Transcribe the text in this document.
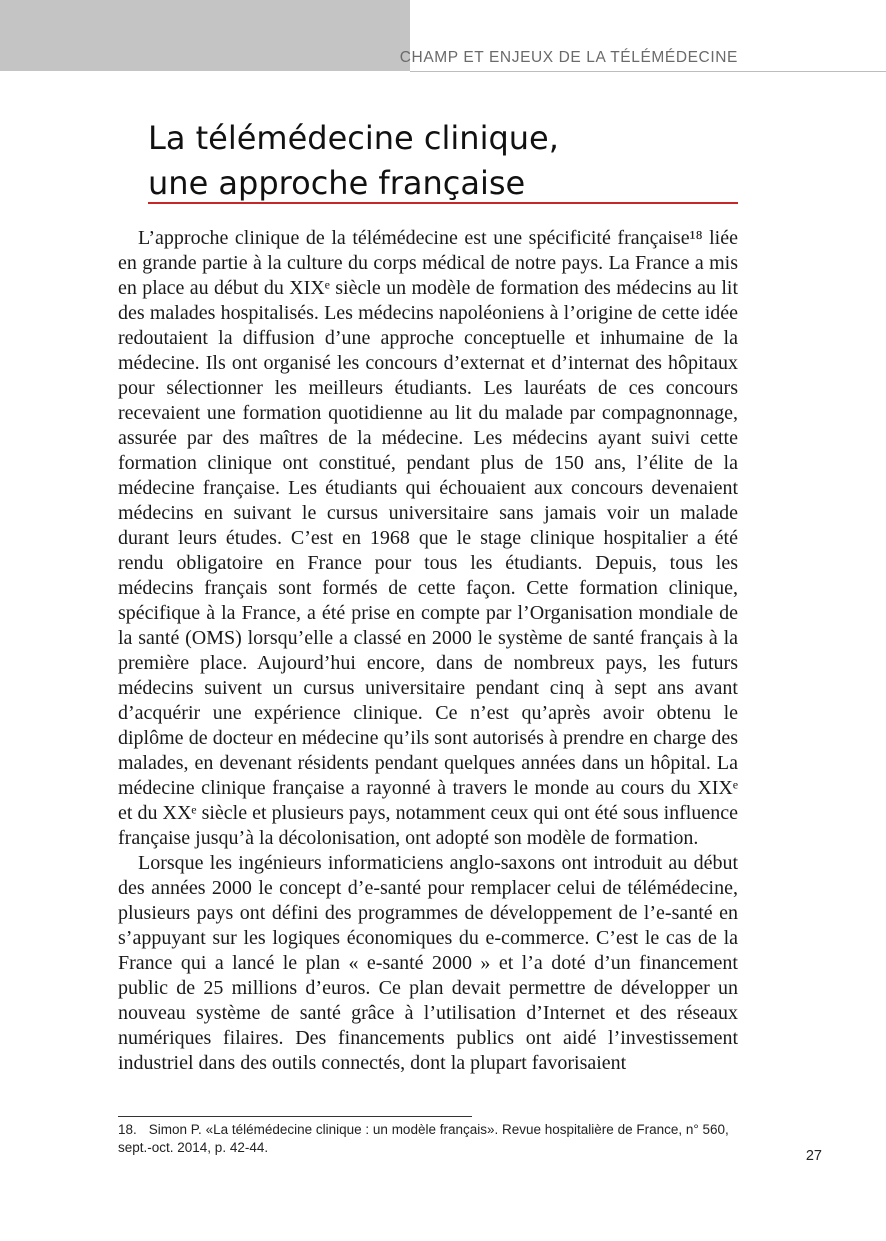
CHAMP ET ENJEUX DE LA TÉLÉMÉDECINE
La télémédecine clinique,
une approche française

L’approche clinique de la télémédecine est une spécificité française¹⁸ liée en grande partie à la culture du corps médical de notre pays. La France a mis en place au début du XIXᵉ siècle un modèle de formation des médecins au lit des malades hospitalisés. Les médecins napoléoniens à l’origine de cette idée redoutaient la diffusion d’une approche conceptuelle et inhumaine de la médecine. Ils ont organisé les concours d’externat et d’internat des hôpitaux pour sélectionner les meilleurs étudiants. Les lauréats de ces concours recevaient une formation quotidienne au lit du malade par compagnonnage, assurée par des maîtres de la médecine. Les médecins ayant suivi cette formation clinique ont constitué, pendant plus de 150 ans, l’élite de la médecine française. Les étudiants qui échouaient aux concours devenaient médecins en suivant le cursus universitaire sans jamais voir un malade durant leurs études. C’est en 1968 que le stage clinique hospitalier a été rendu obligatoire en France pour tous les étudiants. Depuis, tous les médecins français sont formés de cette façon. Cette formation clinique, spécifique à la France, a été prise en compte par l’Organisation mondiale de la santé (OMS) lorsqu’elle a classé en 2000 le système de santé français à la première place. Aujourd’hui encore, dans de nombreux pays, les futurs médecins suivent un cursus universitaire pendant cinq à sept ans avant d’acquérir une expérience clinique. Ce n’est qu’après avoir obtenu le diplôme de docteur en médecine qu’ils sont autorisés à prendre en charge des malades, en devenant résidents pendant quelques années dans un hôpital. La médecine clinique française a rayonné à travers le monde au cours du XIXᵉ et du XXᵉ siècle et plusieurs pays, notamment ceux qui ont été sous influence française jusqu’à la décolonisation, ont adopté son modèle de formation.

Lorsque les ingénieurs informaticiens anglo-saxons ont introduit au début des années 2000 le concept d’e-santé pour remplacer celui de télémédecine, plusieurs pays ont défini des programmes de développement de l’e-santé en s’appuyant sur les logiques économiques du e-commerce. C’est le cas de la France qui a lancé le plan « e-santé 2000 » et l’a doté d’un financement public de 25 millions d’euros. Ce plan devait permettre de développer un nouveau système de santé grâce à l’utilisation d’Internet et des réseaux numériques filaires. Des financements publics ont aidé l’investissement industriel dans des outils connectés, dont la plupart favorisaient

18. Simon P. «La télémédecine clinique : un modèle français». Revue hospitalière de France, n° 560, sept.-oct. 2014, p. 42-44.
27
